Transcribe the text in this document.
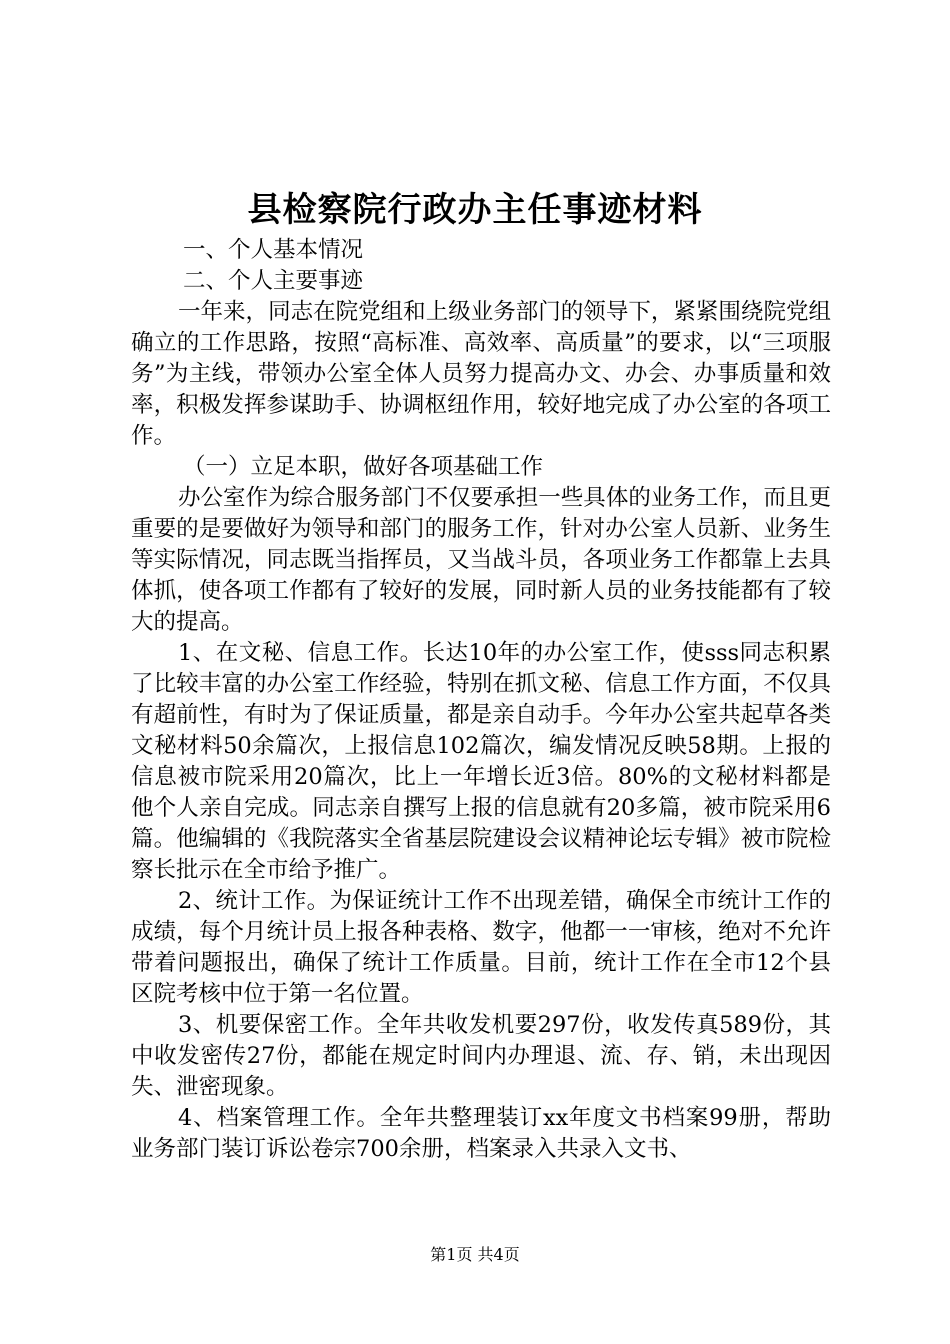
县检察院行政办主任事迹材料

一、个人基本情况

二、个人主要事迹

一年来，同志在院党组和上级业务部门的领导下，紧紧围绕院党组确立的工作思路，按照“高标准、高效率、高质量”的要求，以“三项服务”为主线，带领办公室全体人员努力提高办文、办会、办事质量和效率，积极发挥参谋助手、协调枢纽作用，较好地完成了办公室的各项工作。

（一）立足本职，做好各项基础工作

办公室作为综合服务部门不仅要承担一些具体的业务工作，而且更重要的是要做好为领导和部门的服务工作，针对办公室人员新、业务生等实际情况，同志既当指挥员，又当战斗员，各项业务工作都靠上去具体抓，使各项工作都有了较好的发展，同时新人员的业务技能都有了较大的提高。

1、在文秘、信息工作。长达10年的办公室工作，使sss同志积累了比较丰富的办公室工作经验，特别在抓文秘、信息工作方面，不仅具有超前性，有时为了保证质量，都是亲自动手。今年办公室共起草各类文秘材料50余篇次，上报信息102篇次，编发情况反映58期。上报的信息被市院采用20篇次，比上一年增长近3倍。80%的文秘材料都是他个人亲自完成。同志亲自撰写上报的信息就有20多篇，被市院采用6篇。他编辑的《我院落实全省基层院建设会议精神论坛专辑》被市院检察长批示在全市给予推广。

2、统计工作。为保证统计工作不出现差错，确保全市统计工作的成绩，每个月统计员上报各种表格、数字，他都一一审核，绝对不允许带着问题报出，确保了统计工作质量。目前，统计工作在全市12个县区院考核中位于第一名位置。

3、机要保密工作。全年共收发机要297份，收发传真589份，其中收发密传27份，都能在规定时间内办理退、流、存、销，未出现因失、泄密现象。

4、档案管理工作。全年共整理装订xx年度文书档案99册，帮助业务部门装订诉讼卷宗700余册，档案录入共录入文书、

第1页 共4页
